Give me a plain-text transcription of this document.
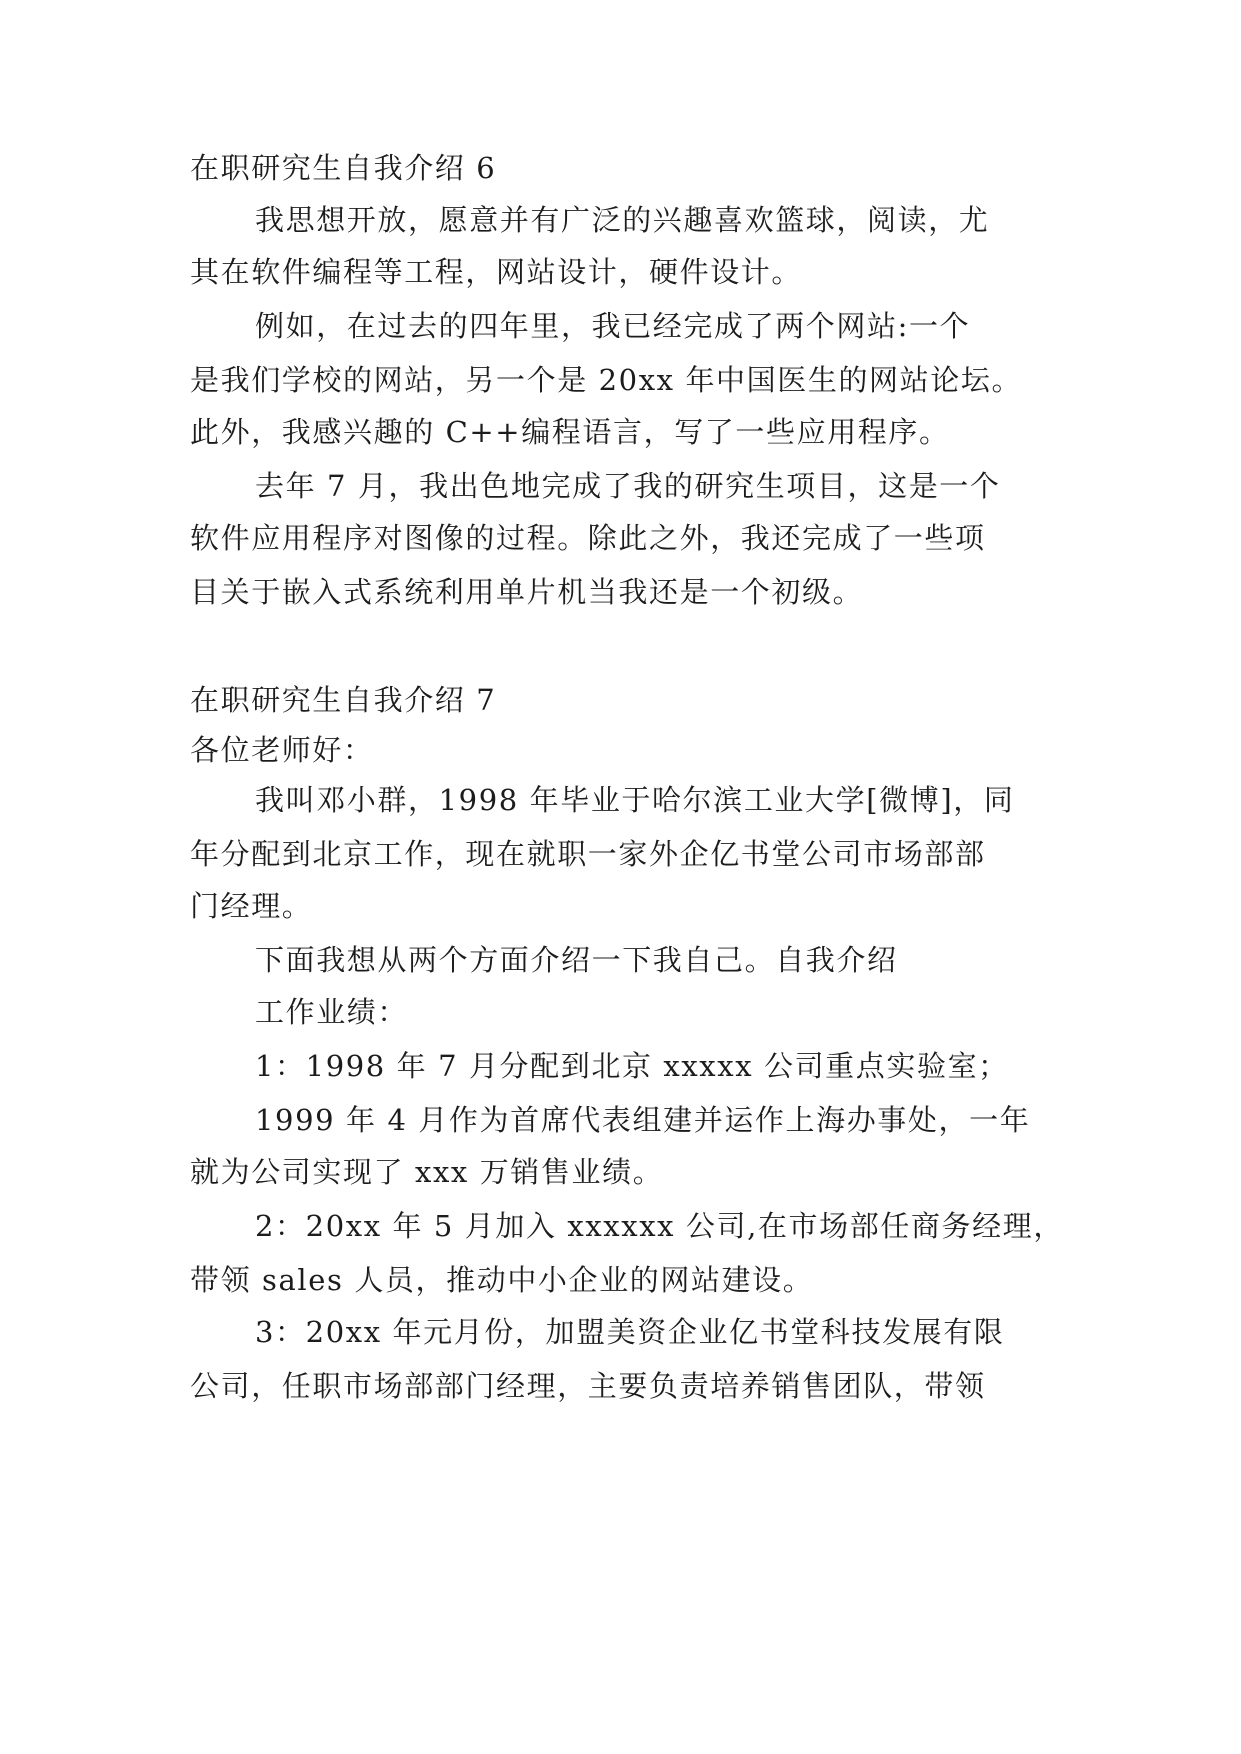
在职研究生自我介绍 6
我思想开放，愿意并有广泛的兴趣喜欢篮球，阅读，尤
其在软件编程等工程，网站设计，硬件设计。
例如，在过去的四年里，我已经完成了两个网站:一个
是我们学校的网站，另一个是 20xx 年中国医生的网站论坛。
此外，我感兴趣的 C++编程语言，写了一些应用程序。
去年 7 月，我出色地完成了我的研究生项目，这是一个
软件应用程序对图像的过程。除此之外，我还完成了一些项
目关于嵌入式系统利用单片机当我还是一个初级。
在职研究生自我介绍 7
各位老师好：
我叫邓小群，1998 年毕业于哈尔滨工业大学[微博]，同
年分配到北京工作，现在就职一家外企亿书堂公司市场部部
门经理。
下面我想从两个方面介绍一下我自己。自我介绍
工作业绩：
1：1998 年 7 月分配到北京 xxxxx 公司重点实验室；
1999 年 4 月作为首席代表组建并运作上海办事处，一年
就为公司实现了 xxx 万销售业绩。
2：20xx 年 5 月加入 xxxxxx 公司,在市场部任商务经理，
带领 sales 人员，推动中小企业的网站建设。
3：20xx 年元月份，加盟美资企业亿书堂科技发展有限
公司，任职市场部部门经理，主要负责培养销售团队，带领
